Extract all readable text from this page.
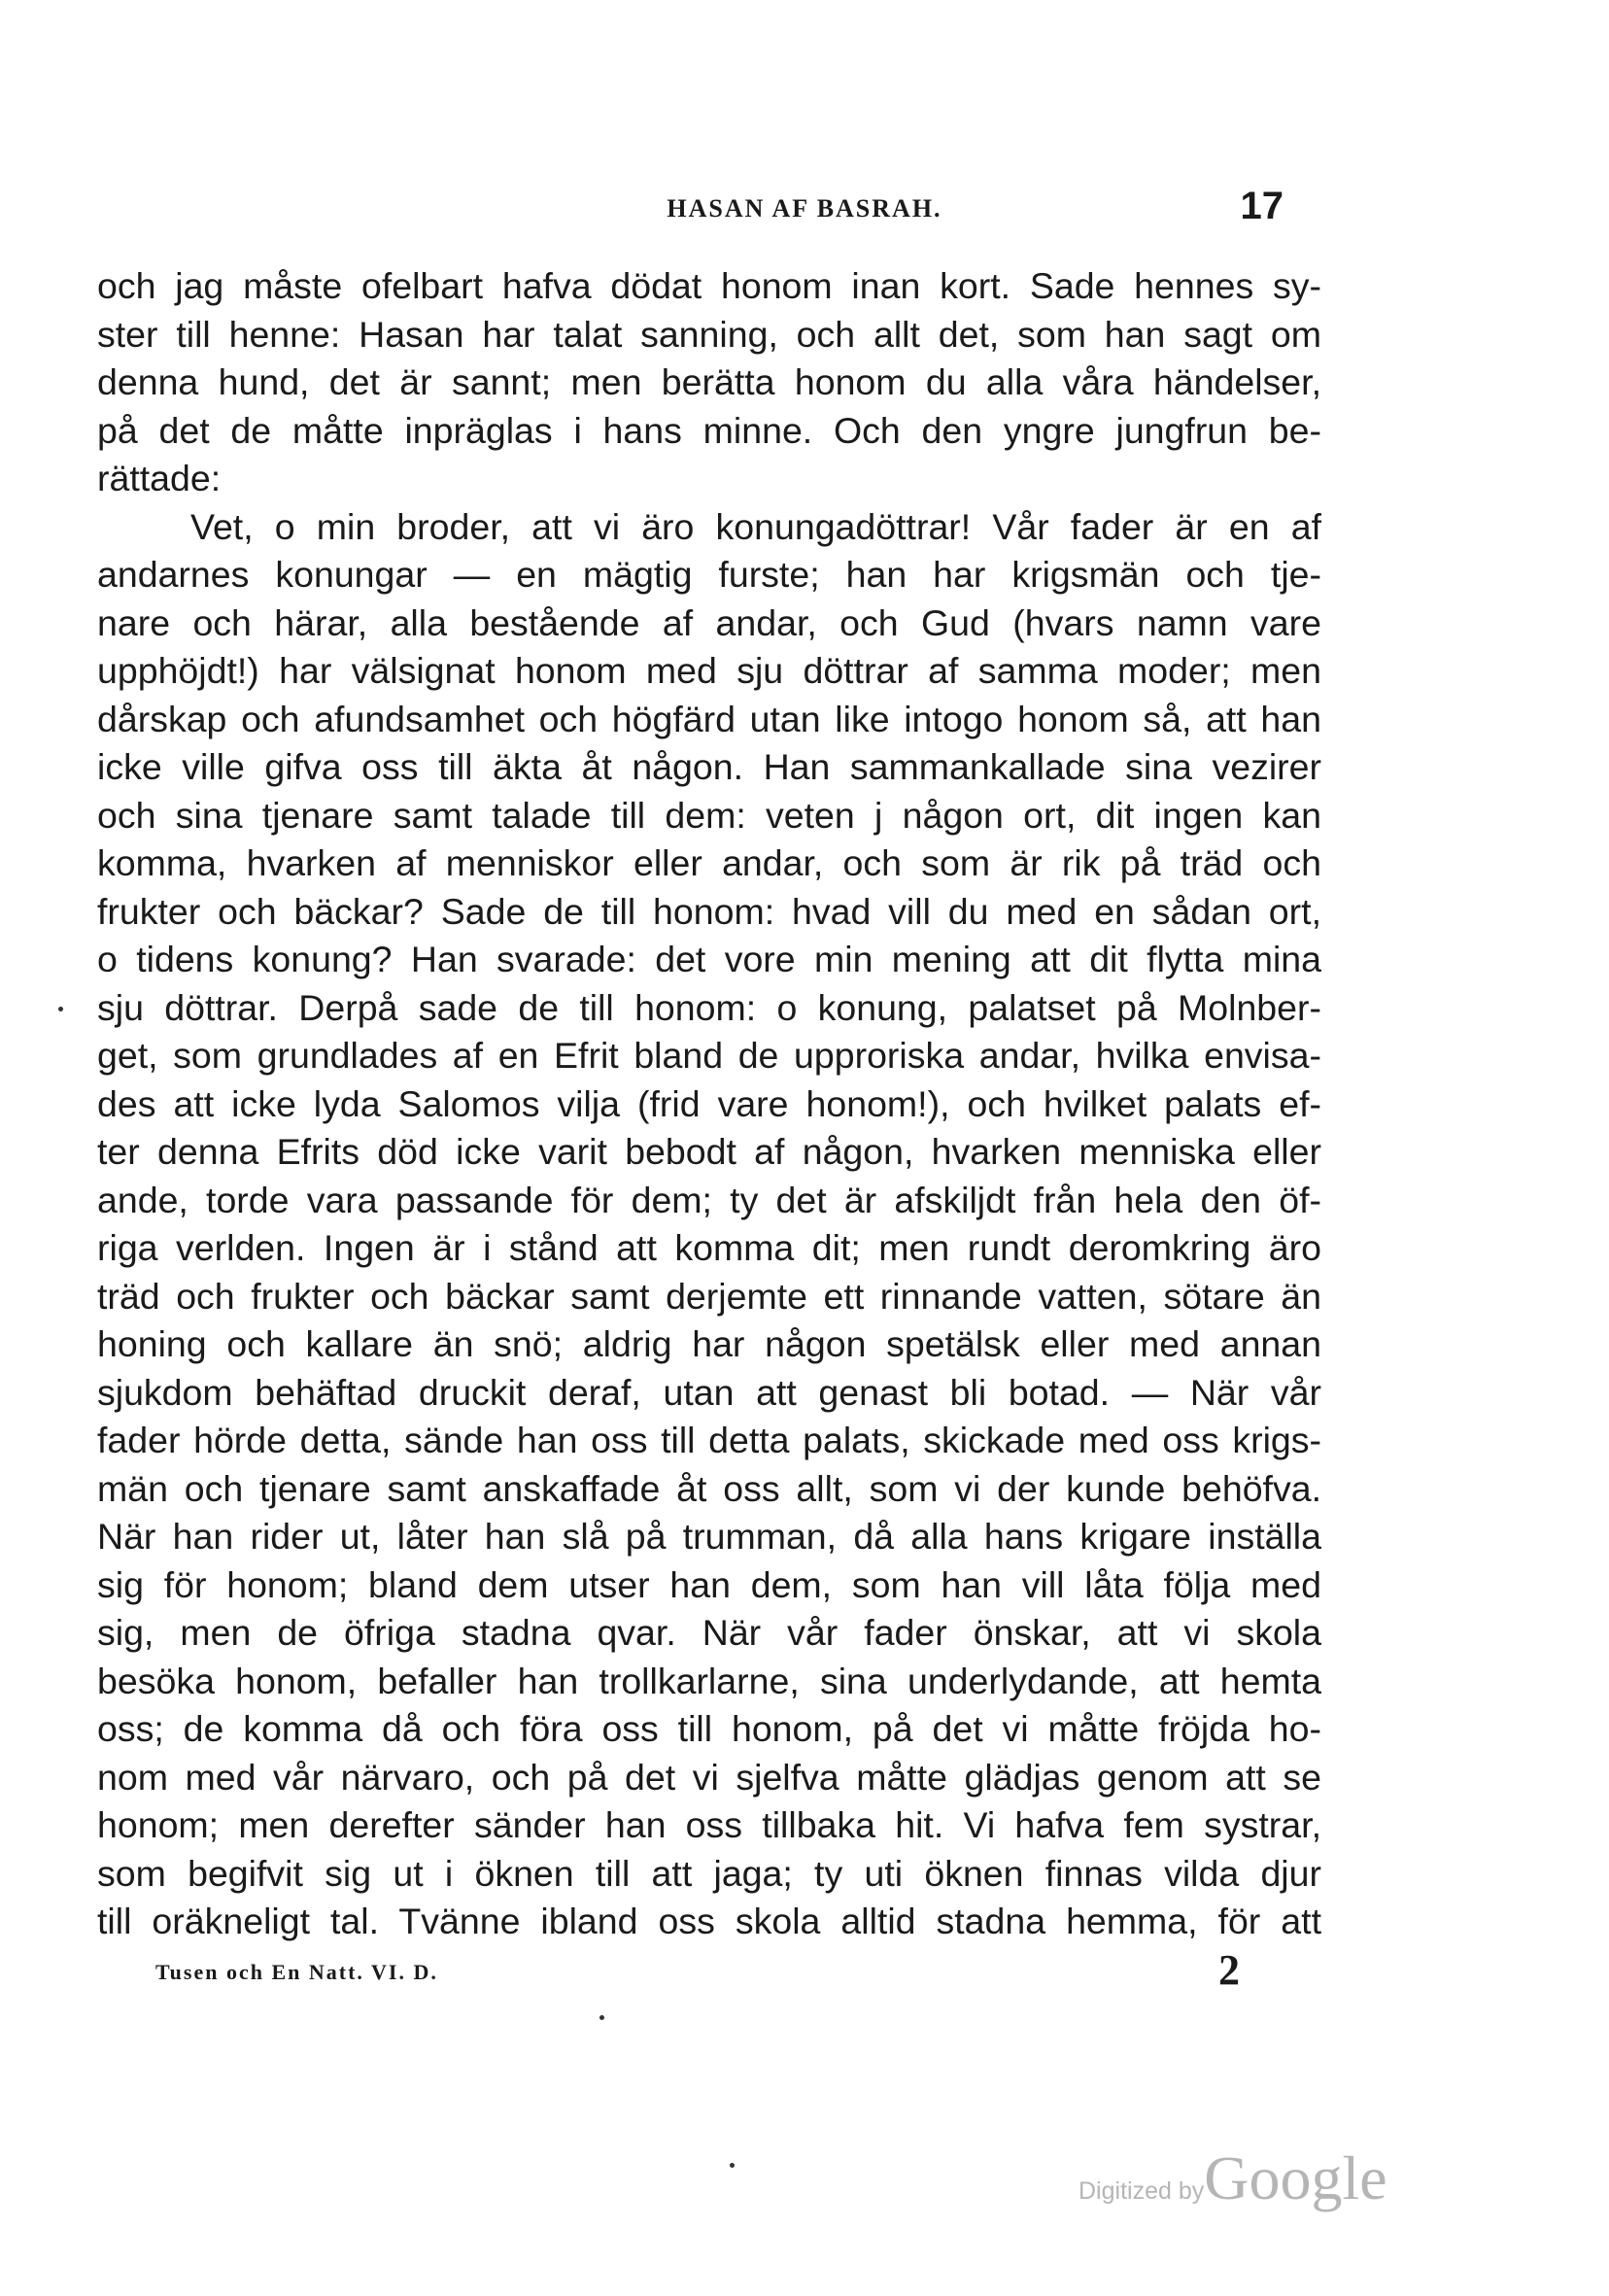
HASAN AF BASRAH.	17
och jag måste ofelbart hafva dödat honom inan kort. Sade hennes sy-
ster till henne: Hasan har talat sanning, och allt det, som han sagt om
denna hund, det är sannt; men berätta honom du alla våra händelser,
på det de måtte inpräglas i hans minne. Och den yngre jungfrun be-
rättade:
Vet, o min broder, att vi äro konungadöttrar! Vår fader är en af
andarnes konungar — en mägtig furste; han har krigsmän och tje-
nare och härar, alla bestående af andar, och Gud (hvars namn vare
upphöjdt!) har välsignat honom med sju döttrar af samma moder; men
dårskap och afundsamhet och högfärd utan like intogo honom så, att han
icke ville gifva oss till äkta åt någon. Han sammankallade sina vezirer
och sina tjenare samt talade till dem: veten j någon ort, dit ingen kan
komma, hvarken af menniskor eller andar, och som är rik på träd och
frukter och bäckar? Sade de till honom: hvad vill du med en sådan ort,
o tidens konung? Han svarade: det vore min mening att dit flytta mina
sju döttrar. Derpå sade de till honom: o konung, palatset på Molnber-
get, som grundlades af en Efrit bland de upproriska andar, hvilka envisa-
des att icke lyda Salomos vilja (frid vare honom!), och hvilket palats ef-
ter denna Efrits död icke varit bebodt af någon, hvarken menniska eller
ande, torde vara passande för dem; ty det är afskiljdt från hela den öf-
riga verlden. Ingen är i stånd att komma dit; men rundt deromkring äro
träd och frukter och bäckar samt derjemte ett rinnande vatten, sötare än
honing och kallare än snö; aldrig har någon spetälsk eller med annan
sjukdom behäftad druckit deraf, utan att genast bli botad. — När vår
fader hörde detta, sände han oss till detta palats, skickade med oss krigs-
män och tjenare samt anskaffade åt oss allt, som vi der kunde behöfva.
När han rider ut, låter han slå på trumman, då alla hans krigare inställa
sig för honom; bland dem utser han dem, som han vill låta följa med
sig, men de öfriga stadna qvar. När vår fader önskar, att vi skola
besöka honom, befaller han trollkarlarne, sina underlydande, att hemta
oss; de komma då och föra oss till honom, på det vi måtte fröjda ho-
nom med vår närvaro, och på det vi sjelfva måtte glädjas genom att se
honom; men derefter sänder han oss tillbaka hit. Vi hafva fem systrar,
som begifvit sig ut i öknen till att jaga; ty uti öknen finnas vilda djur
till oräkneligt tal. Tvänne ibland oss skola alltid stadna hemma, för att
Tusen och En Natt. VI. D.	2
Digitized byGoogle
